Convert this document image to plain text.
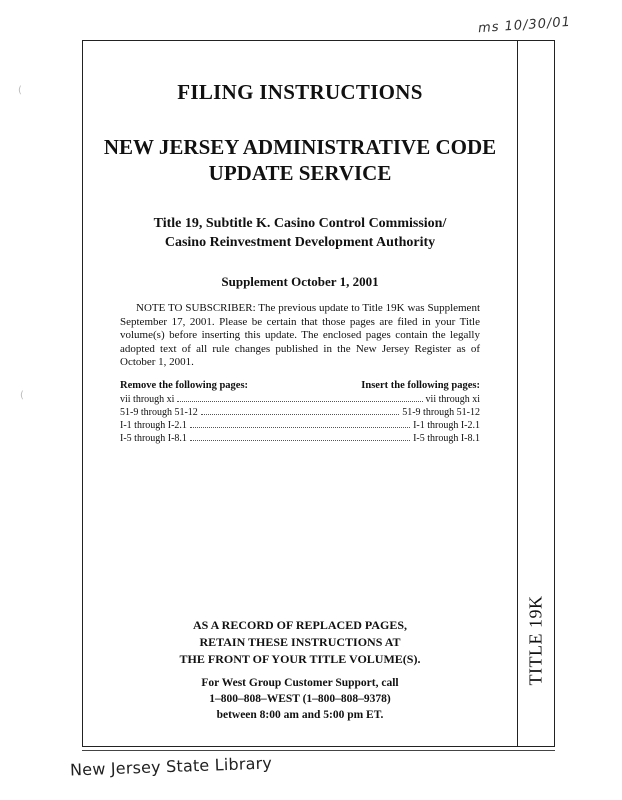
ms 10/30/01
TITLE 19K
FILING INSTRUCTIONS
NEW JERSEY ADMINISTRATIVE CODE
UPDATE SERVICE
Title 19, Subtitle K. Casino Control Commission/
Casino Reinvestment Development Authority
Supplement October 1, 2001
NOTE TO SUBSCRIBER: The previous update to Title 19K was Supplement September 17, 2001. Please be certain that those pages are filed in your Title volume(s) before inserting this update. The enclosed pages contain the legally adopted text of all rule changes published in the New Jersey Register as of October 1, 2001.
Remove the following pages:	Insert the following pages:
vii through xi	vii through xi
51-9 through 51-12	51-9 through 51-12
I-1 through I-2.1	I-1 through I-2.1
I-5 through I-8.1	I-5 through I-8.1
AS A RECORD OF REPLACED PAGES,
RETAIN THESE INSTRUCTIONS AT
THE FRONT OF YOUR TITLE VOLUME(S).
For West Group Customer Support, call
1–800–808–WEST (1–800–808–9378)
between 8:00 am and 5:00 pm ET.
New Jersey State Library
(
(
